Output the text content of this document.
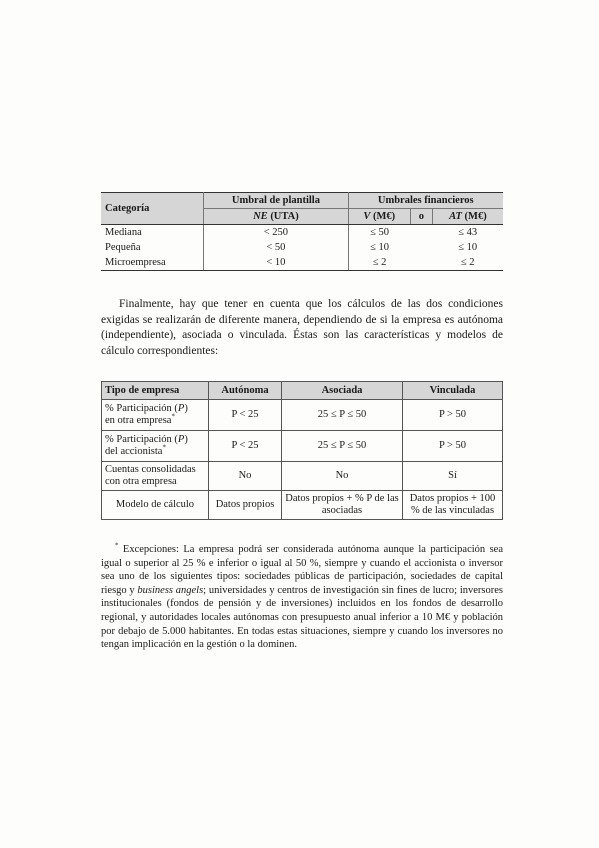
Categoría	Umbral de plantilla	Umbrales financieros		
	NE (UTA)	V (M€)	o	AT (M€)
Mediana	< 250	≤ 50		≤ 43
Pequeña	< 50	≤ 10		≤ 10
Microempresa	< 10	≤ 2		≤ 2

Finalmente, hay que tener en cuenta que los cálculos de las dos condiciones exigidas se realizarán de diferente manera, dependiendo de si la empresa es autónoma (independiente), asociada o vinculada. Éstas son las características y modelos de cálculo correspondientes:

Tipo de empresa	Autónoma	Asociada	Vinculada
% Participación (P)
en otra empresa*	P < 25	25 ≤ P ≤ 50	P > 50
% Participación (P)
del accionista*	P < 25	25 ≤ P ≤ 50	P > 50
Cuentas consolidadas con otra empresa	No	No	Sí
Modelo de cálculo	Datos propios	Datos propios + % P de las asociadas	Datos propios + 100 % de las vinculadas

* Excepciones: La empresa podrá ser considerada autónoma aunque la participación sea igual o superior al 25 % e inferior o igual al 50 %, siempre y cuando el accionista o inversor sea uno de los siguientes tipos: sociedades públicas de participación, sociedades de capital riesgo y business angels; universidades y centros de investigación sin fines de lucro; inversores institucionales (fondos de pensión y de inversiones) incluidos en los fondos de desarrollo regional, y autoridades locales autónomas con presupuesto anual inferior a 10 M€ y población por debajo de 5.000 habitantes. En todas estas situaciones, siempre y cuando los inversores no tengan implicación en la gestión o la dominen.
